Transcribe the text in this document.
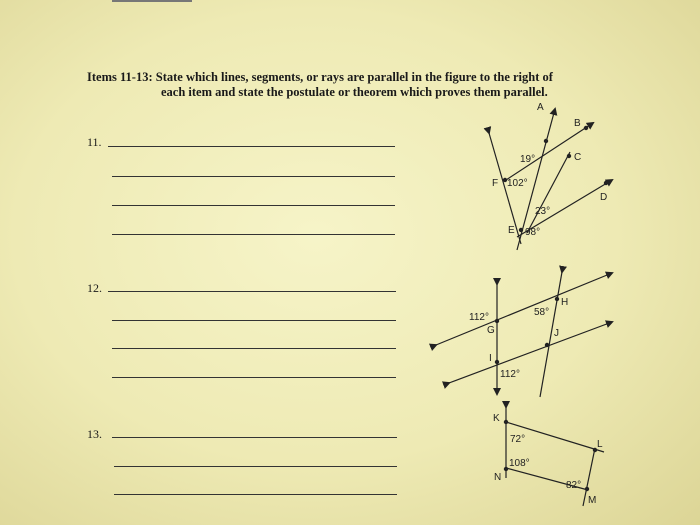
Items 11-13: State which lines, segments, or rays are parallel in the figure to the right of
each item and state the postulate or theorem which proves them parallel.
11.
12.
13.
A
B
C
D
E
F
19°
102°
23°
98°
G
H
I
J
112°	58°
112°
K
L
M
N
72°
108°
82°
